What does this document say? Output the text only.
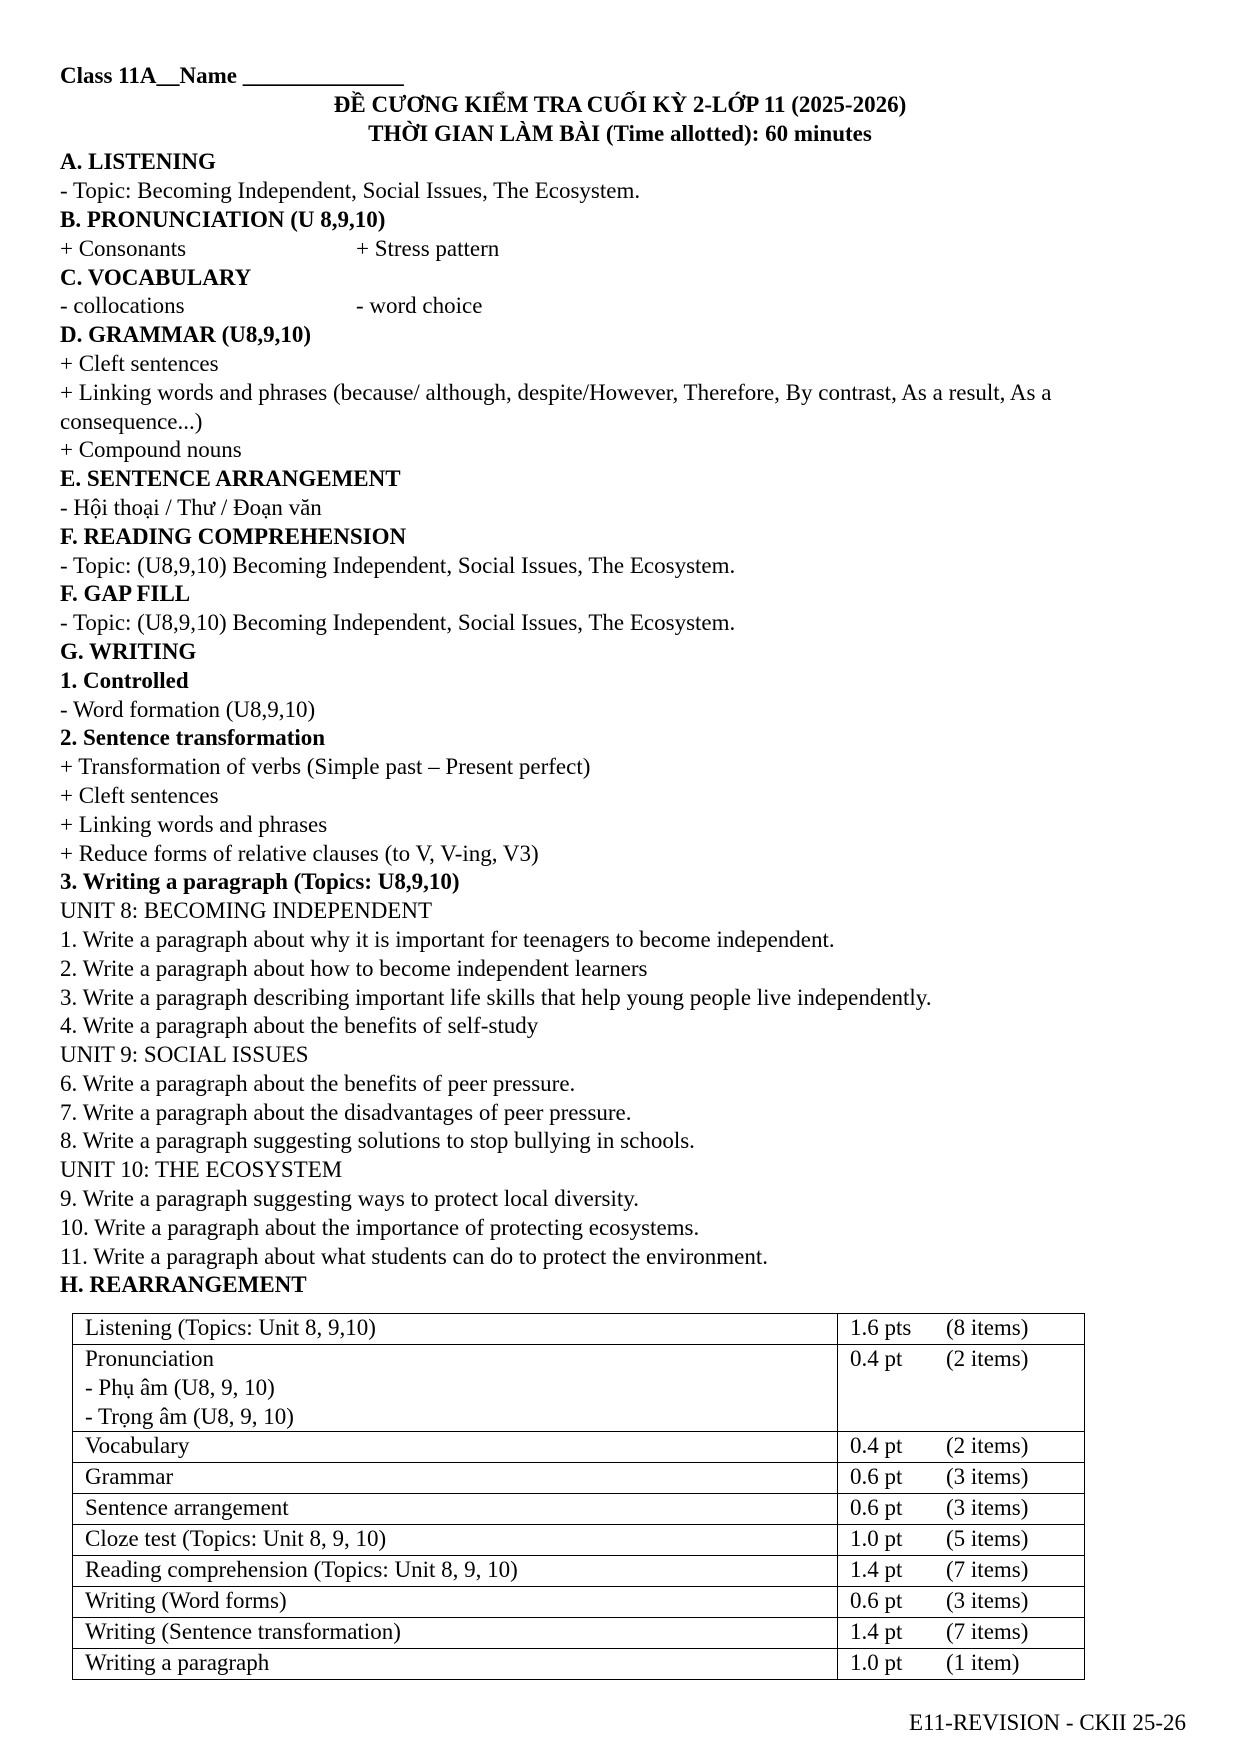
Class 11A__Name ______________
ĐỀ CƯƠNG KIỂM TRA CUỐI KỲ 2-LỚP 11 (2025-2026)
THỜI GIAN LÀM BÀI (Time allotted): 60 minutes
A. LISTENING
- Topic: Becoming Independent, Social Issues, The Ecosystem.
B. PRONUNCIATION (U 8,9,10)
+ Consonants	+ Stress pattern
C. VOCABULARY
- collocations	- word choice
D. GRAMMAR (U8,9,10)
+ Cleft sentences
+ Linking words and phrases (because/ although, despite/However, Therefore, By contrast, As a result, As a consequence...)
+ Compound nouns
E. SENTENCE ARRANGEMENT
- Hội thoại / Thư / Đoạn văn
F. READING COMPREHENSION
- Topic: (U8,9,10) Becoming Independent, Social Issues, The Ecosystem.
F. GAP FILL
- Topic: (U8,9,10) Becoming Independent, Social Issues, The Ecosystem.
G. WRITING
1. Controlled
- Word formation (U8,9,10)
2. Sentence transformation
+ Transformation of verbs (Simple past – Present perfect)
+ Cleft sentences
+ Linking words and phrases
+ Reduce forms of relative clauses (to V, V-ing, V3)
3. Writing a paragraph (Topics: U8,9,10)
UNIT 8: BECOMING INDEPENDENT
1. Write a paragraph about why it is important for teenagers to become independent.
2. Write a paragraph about how to become independent learners
3. Write a paragraph describing important life skills that help young people live independently.
4. Write a paragraph about the benefits of self-study
UNIT 9: SOCIAL ISSUES
6. Write a paragraph about the benefits of peer pressure.
7. Write a paragraph about the disadvantages of peer pressure.
8. Write a paragraph suggesting solutions to stop bullying in schools.
UNIT 10: THE ECOSYSTEM
9. Write a paragraph suggesting ways to protect local diversity.
10. Write a paragraph about the importance of protecting ecosystems.
11. Write a paragraph about what students can do to protect the environment.
H. REARRANGEMENT
Listening (Topics: Unit 8, 9,10)	1.6 pts (8 items)

Pronunciation
- Phụ âm (U8, 9, 10)
- Trọng âm (U8, 9, 10)	0.4 pt (2 items)
Vocabulary	0.4 pt (2 items)
Grammar	0.6 pt (3 items)
Sentence arrangement	0.6 pt (3 items)
Cloze test (Topics: Unit 8, 9, 10)	1.0 pt (5 items)
Reading comprehension (Topics: Unit 8, 9, 10)	1.4 pt (7 items)
Writing (Word forms)	0.6 pt (3 items)
Writing (Sentence transformation)	1.4 pt (7 items)
Writing a paragraph	1.0 pt (1 item)
E11-REVISION - CKII 25-26
